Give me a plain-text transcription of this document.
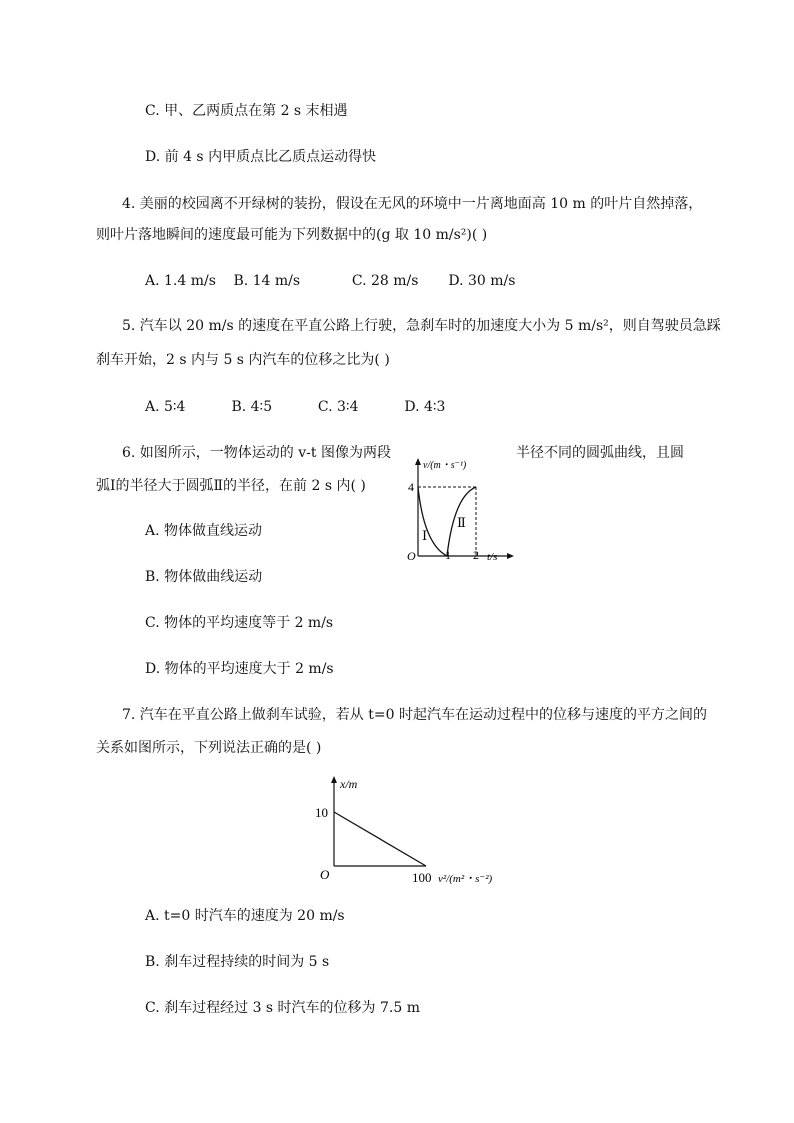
C. 甲、乙两质点在第 2 s 末相遇
D. 前 4 s 内甲质点比乙质点运动得快
4. 美丽的校园离不开绿树的装扮，假设在无风的环境中一片离地面高 10 m 的叶片自然掉落，
则叶片落地瞬间的速度最可能为下列数据中的(g 取 10 m/s²)( )
A. 1.4 m/s B. 14 m/s	C. 28 m/s D. 30 m/s
5. 汽车以 20 m/s 的速度在平直公路上行驶，急刹车时的加速度大小为 5 m/s²，则自驾驶员急踩
刹车开始，2 s 内与 5 s 内汽车的位移之比为( )
A. 5∶4	B. 4∶5	C. 3∶4	D. 4∶3
6. 如图所示，一物体运动的 v-t 图像为两段	半径不同的圆弧曲线，且圆
弧Ⅰ的半径大于圆弧Ⅱ的半径，在前 2 s 内( )
A. 物体做直线运动
B. 物体做曲线运动
C. 物体的平均速度等于 2 m/s
D. 物体的平均速度大于 2 m/s
v/(m・s⁻¹)
4
O 1 2 t/s
Ⅰ
Ⅱ
7. 汽车在平直公路上做刹车试验，若从 t=0 时起汽车在运动过程中的位移与速度的平方之间的
关系如图所示，下列说法正确的是( )
x/m
10
O	100 v²/(m²・s⁻²)
A. t=0 时汽车的速度为 20 m/s
B. 刹车过程持续的时间为 5 s
C. 刹车过程经过 3 s 时汽车的位移为 7.5 m
